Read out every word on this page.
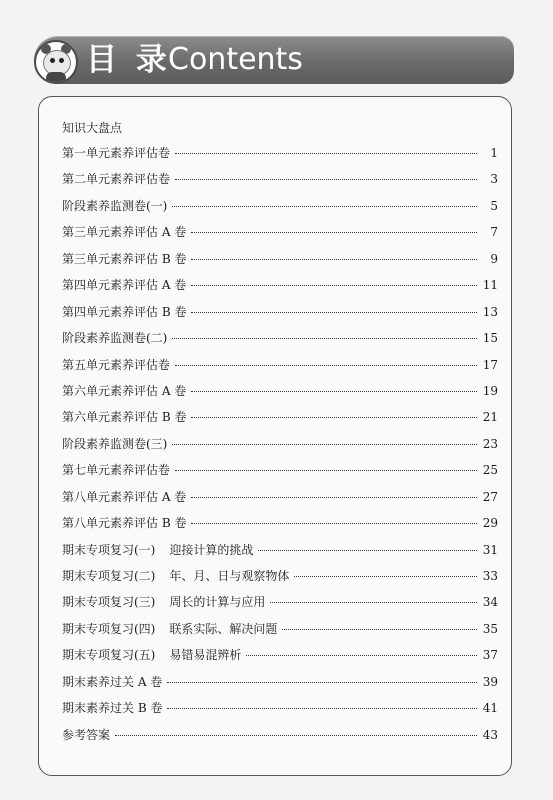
目 录
Contents
知识大盘点
第一单元素养评估卷	1
第二单元素养评估卷	3
阶段素养监测卷(一)	5
第三单元素养评估 A 卷	7
第三单元素养评估 B 卷	9
第四单元素养评估 A 卷	11
第四单元素养评估 B 卷	13
阶段素养监测卷(二)	15
第五单元素养评估卷	17
第六单元素养评估 A 卷	19
第六单元素养评估 B 卷	21
阶段素养监测卷(三)	23
第七单元素养评估卷	25
第八单元素养评估 A 卷	27
第八单元素养评估 B 卷	29
期末专项复习(一) 迎接计算的挑战	31
期末专项复习(二) 年、月、日与观察物体	33
期末专项复习(三) 周长的计算与应用	34
期末专项复习(四) 联系实际、解决问题	35
期末专项复习(五) 易错易混辨析	37
期末素养过关 A 卷	39
期末素养过关 B 卷	41
参考答案	43
